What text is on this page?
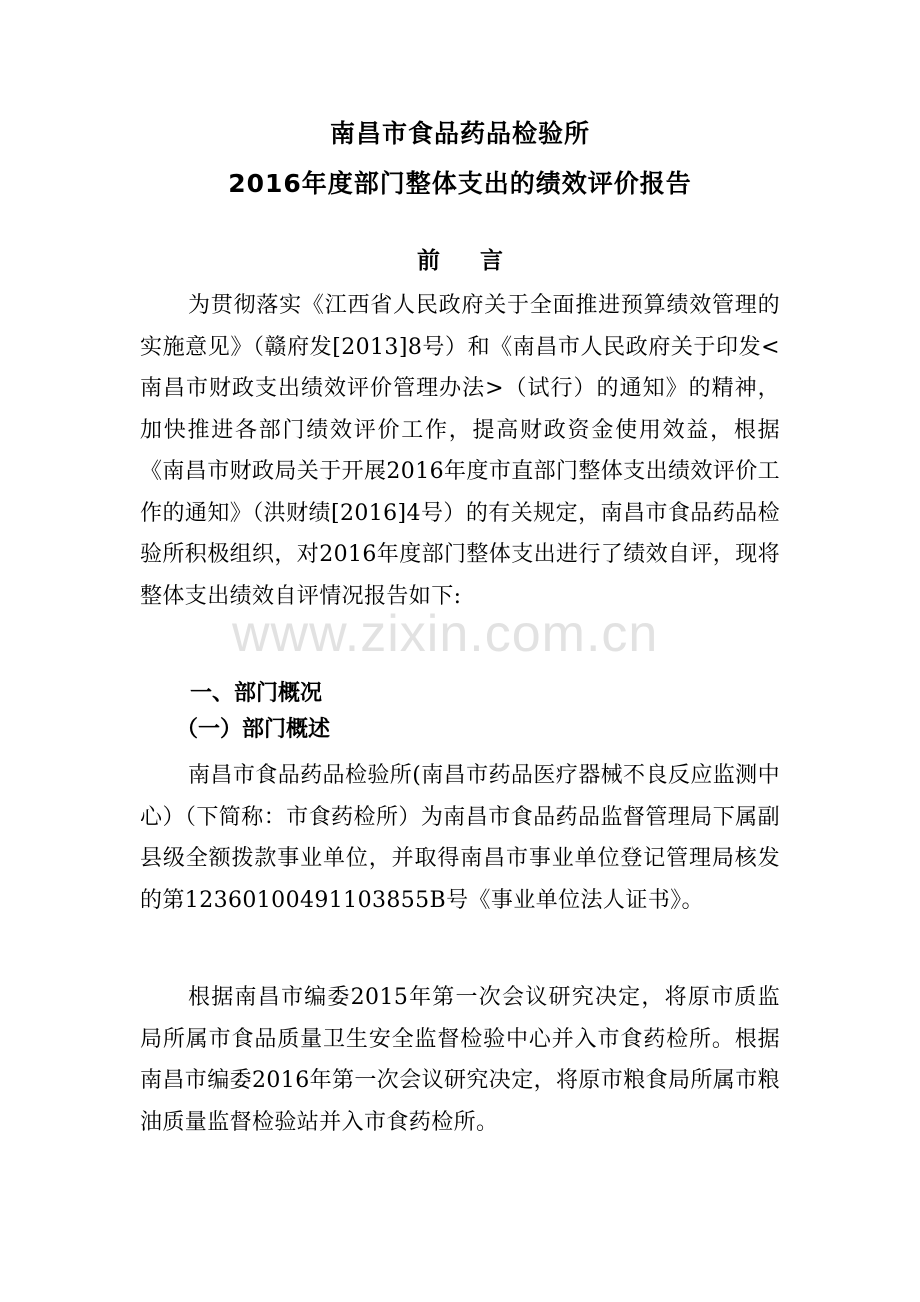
南昌市食品药品检验所
2016年度部门整体支出的绩效评价报告
前言
为贯彻落实《江西省人民政府关于全面推进预算绩效管理的实施意见》（赣府发[2013]8号）和《南昌市人民政府关于印发<南昌市财政支出绩效评价管理办法>（试行）的通知》的精神，加快推进各部门绩效评价工作，提高财政资金使用效益，根据《南昌市财政局关于开展2016年度市直部门整体支出绩效评价工作的通知》（洪财绩[2016]4号）的有关规定，南昌市食品药品检验所积极组织，对2016年度部门整体支出进行了绩效自评，现将整体支出绩效自评情况报告如下:
一、部门概况
（一）部门概述
南昌市食品药品检验所(南昌市药品医疗器械不良反应监测中心）（下简称：市食药检所）为南昌市食品药品监督管理局下属副县级全额拨款事业单位，并取得南昌市事业单位登记管理局核发的第12360100491103855B号《事业单位法人证书》。
根据南昌市编委2015年第一次会议研究决定，将原市质监局所属市食品质量卫生安全监督检验中心并入市食药检所。根据南昌市编委2016年第一次会议研究决定，将原市粮食局所属市粮油质量监督检验站并入市食药检所。
www.zixin.com.cn
